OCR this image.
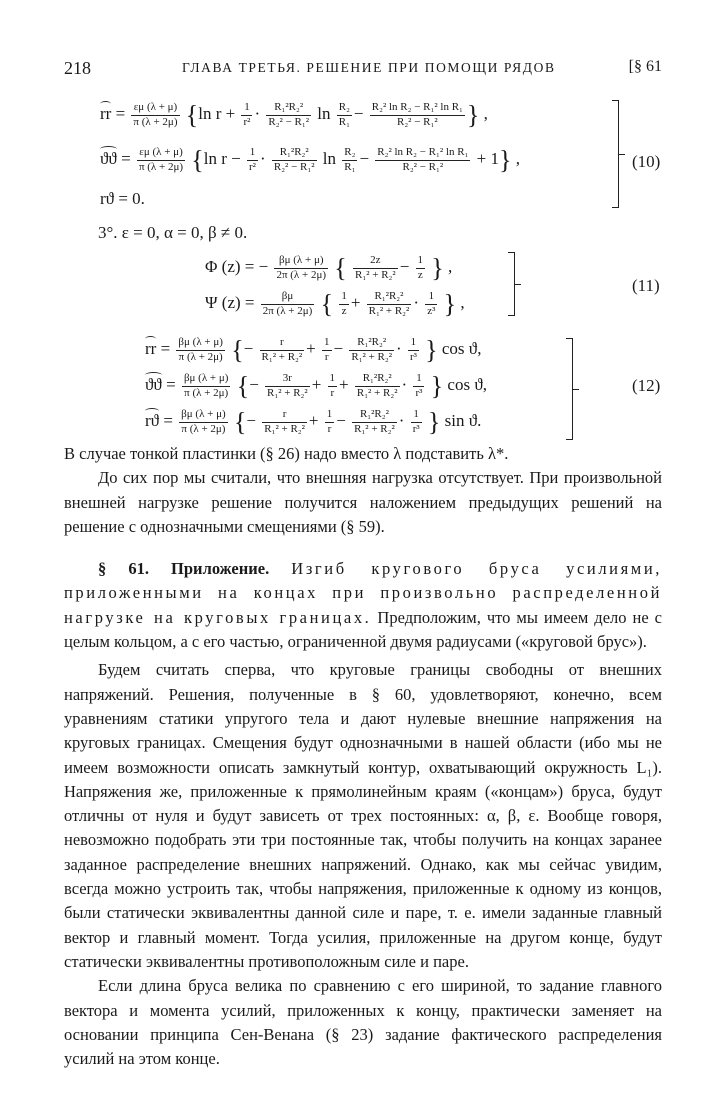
218	ГЛАВА ТРЕТЬЯ. РЕШЕНИЕ ПРИ ПОМОЩИ РЯДОВ	[§ 61
rr = $\frac{\varepsilon\mu (\lambda + \mu)}{\pi (\lambda + 2\mu)} \{\ln$ $r + \frac{1}{\text{r²}} \cdot \frac{\text{R₁²R₂²}}{\text{R₂² − R₁²}}$ $\ln \frac{\text{R₂}}{\text{R₁}} - \frac{\text{R₂² ln R₂ − R₁² ln R₁}}{\text{R₂² − R₁²}}$ } ,
$ϑϑ = \frac{\varepsilon\mu (\lambda + \mu)}{\pi (\lambda + 2\mu)} \{\ln$ $r - \frac{1}{\text{r²}} \cdot \frac{\text{R₁²R₂²}}{\text{R₂² − R₁²}}$ $\ln \frac{\text{R₂}}{\text{R₁}} - \frac{\text{R₂² ln R₂ − R₁² ln R₁}}{\text{R₂² − R₁²}} + 1$} ,
rϑ = 0.
(10)
3°. ε = 0, α = 0, β ≠ 0.
Φ (z) = − $\frac{\beta\mu (\lambda + \mu)}{2\pi (\lambda + 2\mu)}$ { $\frac{2z}{\text{R₁² + R₂²}} - \frac{1}{z}$ } ,
Ψ $(z) = \frac{\beta\mu}{2\pi (\lambda + 2\mu)}$ { $\frac{1}{z} + \frac{\text{R₁²R₂²}}{\text{R₁² + R₂²}} \cdot \frac{1}{\text{z³}}$ } ,
(11)
rr = $\frac{\beta\mu (\lambda + \mu)}{\pi (\lambda + 2\mu)}$ {− $\frac{r}{\text{R₁² + R₂²}} + \frac{1}{r} - \frac{\text{R₁²R₂²}}{\text{R₁² + R₂²}} \cdot \frac{1}{\text{r³}}$ } cos ϑ,
$ϑϑ = \frac{\beta\mu (\lambda + \mu)}{\pi (\lambda + 2\mu)}$ {− $\frac{3r}{\text{R₁² + R₂²}} + \frac{1}{r} + \frac{\text{R₁²R₂²}}{\text{R₁² + R₂²}} \cdot \frac{1}{\text{r³}}$ } cos ϑ,
$rϑ = \frac{\beta\mu (\lambda + \mu)}{\pi (\lambda + 2\mu)}$ {− $\frac{r}{\text{R₁² + R₂²}} + \frac{1}{r} - \frac{\text{R₁²R₂²}}{\text{R₁² + R₂²}} \cdot \frac{1}{\text{r³}}$ } sin ϑ.
(12)

В случае тонкой пластинки (§ 26) надо вместо λ подставить λ*.

До сих пор мы считали, что внешняя нагрузка отсутствует. При произвольной внешней нагрузке решение получится наложением предыдущих решений на решение с однозначными смещениями (§ 59).

§ 61. Приложение. Изгиб кругового бруса усилиями, приложенными на концах при произвольно распределенной нагрузке на круговых границах. Предположим, что мы имеем дело не с целым кольцом, а с его частью, ограниченной двумя радиусами («круговой брус»).

Будем считать сперва, что круговые границы свободны от внешних напряжений. Решения, полученные в § 60, удовлетворяют, конечно, всем уравнениям статики упругого тела и дают нулевые внешние напряжения на круговых границах. Смещения будут однозначными в нашей области (ибо мы не имеем возможности описать замкнутый контур, охватывающий окружность L₁). Напряжения же, приложенные к прямолинейным краям («концам») бруса, будут отличны от нуля и будут зависеть от трех постоянных: α, β, ε. Вообще говоря, невозможно подобрать эти три постоянные так, чтобы получить на концах заранее заданное распределение внешних напряжений. Однако, как мы сейчас увидим, всегда можно устроить так, чтобы напряжения, приложенные к одному из концов, были статически эквивалентны данной силе и паре, т. е. имели заданные главный вектор и главный момент. Тогда усилия, приложенные на другом конце, будут статически эквивалентны противоположным силе и паре.

Если длина бруса велика по сравнению с его шириной, то задание главного вектора и момента усилий, приложенных к концу, практически заменяет на основании принципа Сен-Венана (§ 23) задание фактического распределения усилий на этом конце.
